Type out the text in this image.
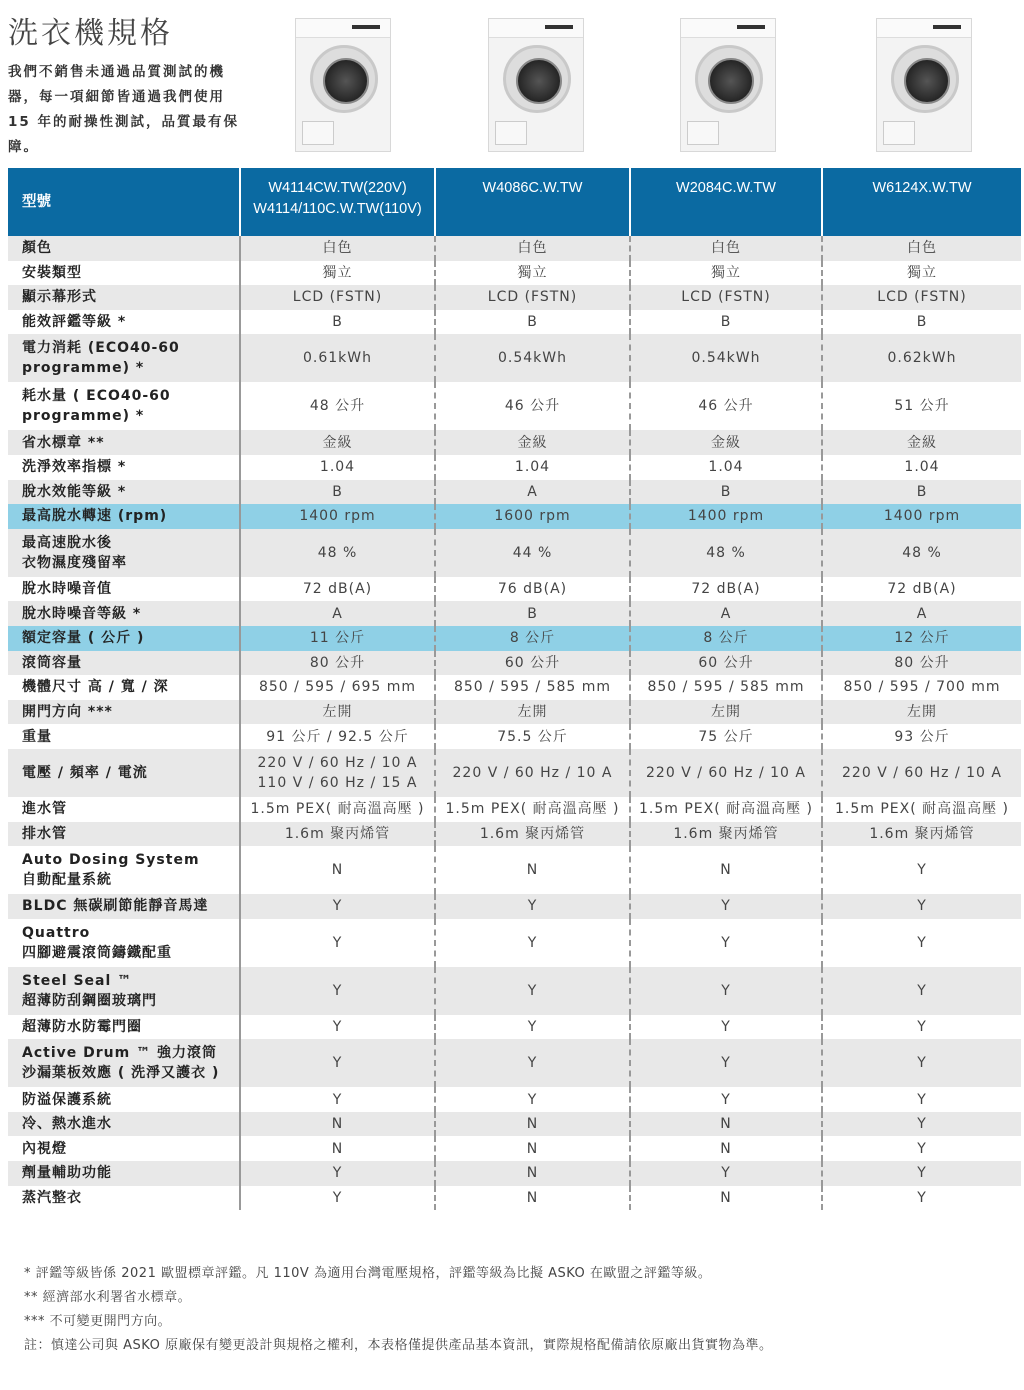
洗衣機規格
我們不銷售未通過品質測試的機器，每一項細節皆通過我們使用 15 年的耐操性測試，品質最有保障。
型號	W4114CW.TW(220V)
W4114/110C.W.TW(110V)	W4086C.W.TW	W2084C.W.TW	W6124X.W.TW
顏色	白色	白色	白色	白色
安裝類型	獨立	獨立	獨立	獨立
顯示幕形式	LCD (FSTN)	LCD (FSTN)	LCD (FSTN)	LCD (FSTN)
能效評鑑等級 *	B	B	B	B
電力消耗 (ECO40-60
programme) *	0.61kWh	0.54kWh	0.54kWh	0.62kWh
耗水量 ( ECO40-60
programme) *	48 公升	46 公升	46 公升	51 公升
省水標章 **	金級	金級	金級	金級
洗淨效率指標 *	1.04	1.04	1.04	1.04
脫水效能等級 *	B	A	B	B
最高脫水轉速 (rpm)	1400 rpm	1600 rpm	1400 rpm	1400 rpm
最高速脫水後
衣物濕度殘留率	48 %	44 %	48 %	48 %
脫水時噪音值	72 dB(A)	76 dB(A)	72 dB(A)	72 dB(A)
脫水時噪音等級 *	A	B	A	A
額定容量 ( 公斤 )	11 公斤	8 公斤	8 公斤	12 公斤
滾筒容量	80 公升	60 公升	60 公升	80 公升
機體尺寸 高 / 寬 / 深	850 / 595 / 695 mm	850 / 595 / 585 mm	850 / 595 / 585 mm	850 / 595 / 700 mm
開門方向 ***	左開	左開	左開	左開
重量	91 公斤 / 92.5 公斤	75.5 公斤	75 公斤	93 公斤
電壓 / 頻率 / 電流	220 V / 60 Hz / 10 A
110 V / 60 Hz / 15 A	220 V / 60 Hz / 10 A	220 V / 60 Hz / 10 A	220 V / 60 Hz / 10 A
進水管	1.5m PEX( 耐高溫高壓 )	1.5m PEX( 耐高溫高壓 )	1.5m PEX( 耐高溫高壓 )	1.5m PEX( 耐高溫高壓 )
排水管	1.6m 聚丙烯管	1.6m 聚丙烯管	1.6m 聚丙烯管	1.6m 聚丙烯管
Auto Dosing System
自動配量系統	N	N	N	Y
BLDC 無碳刷節能靜音馬達	Y	Y	Y	Y
Quattro
四腳避震滾筒鑄鐵配重	Y	Y	Y	Y
Steel Seal ™
超薄防刮鋼圈玻璃門	Y	Y	Y	Y
超薄防水防霉門圈	Y	Y	Y	Y
Active Drum ™ 強力滾筒
沙漏葉板效應 ( 洗淨又護衣 )	Y	Y	Y	Y
防溢保護系統	Y	Y	Y	Y
冷、熱水進水	N	N	N	Y
內視燈	N	N	N	Y
劑量輔助功能	Y	N	Y	Y
蒸汽整衣	Y	N	N	Y
* 評鑑等級皆係 2021 歐盟標章評鑑。凡 110V 為適用台灣電壓規格，評鑑等級為比擬 ASKO 在歐盟之評鑑等級。
** 經濟部水利署省水標章。
*** 不可變更開門方向。
註：慎達公司與 ASKO 原廠保有變更設計與規格之權利，本表格僅提供產品基本資訊，實際規格配備請依原廠出貨實物為準。
